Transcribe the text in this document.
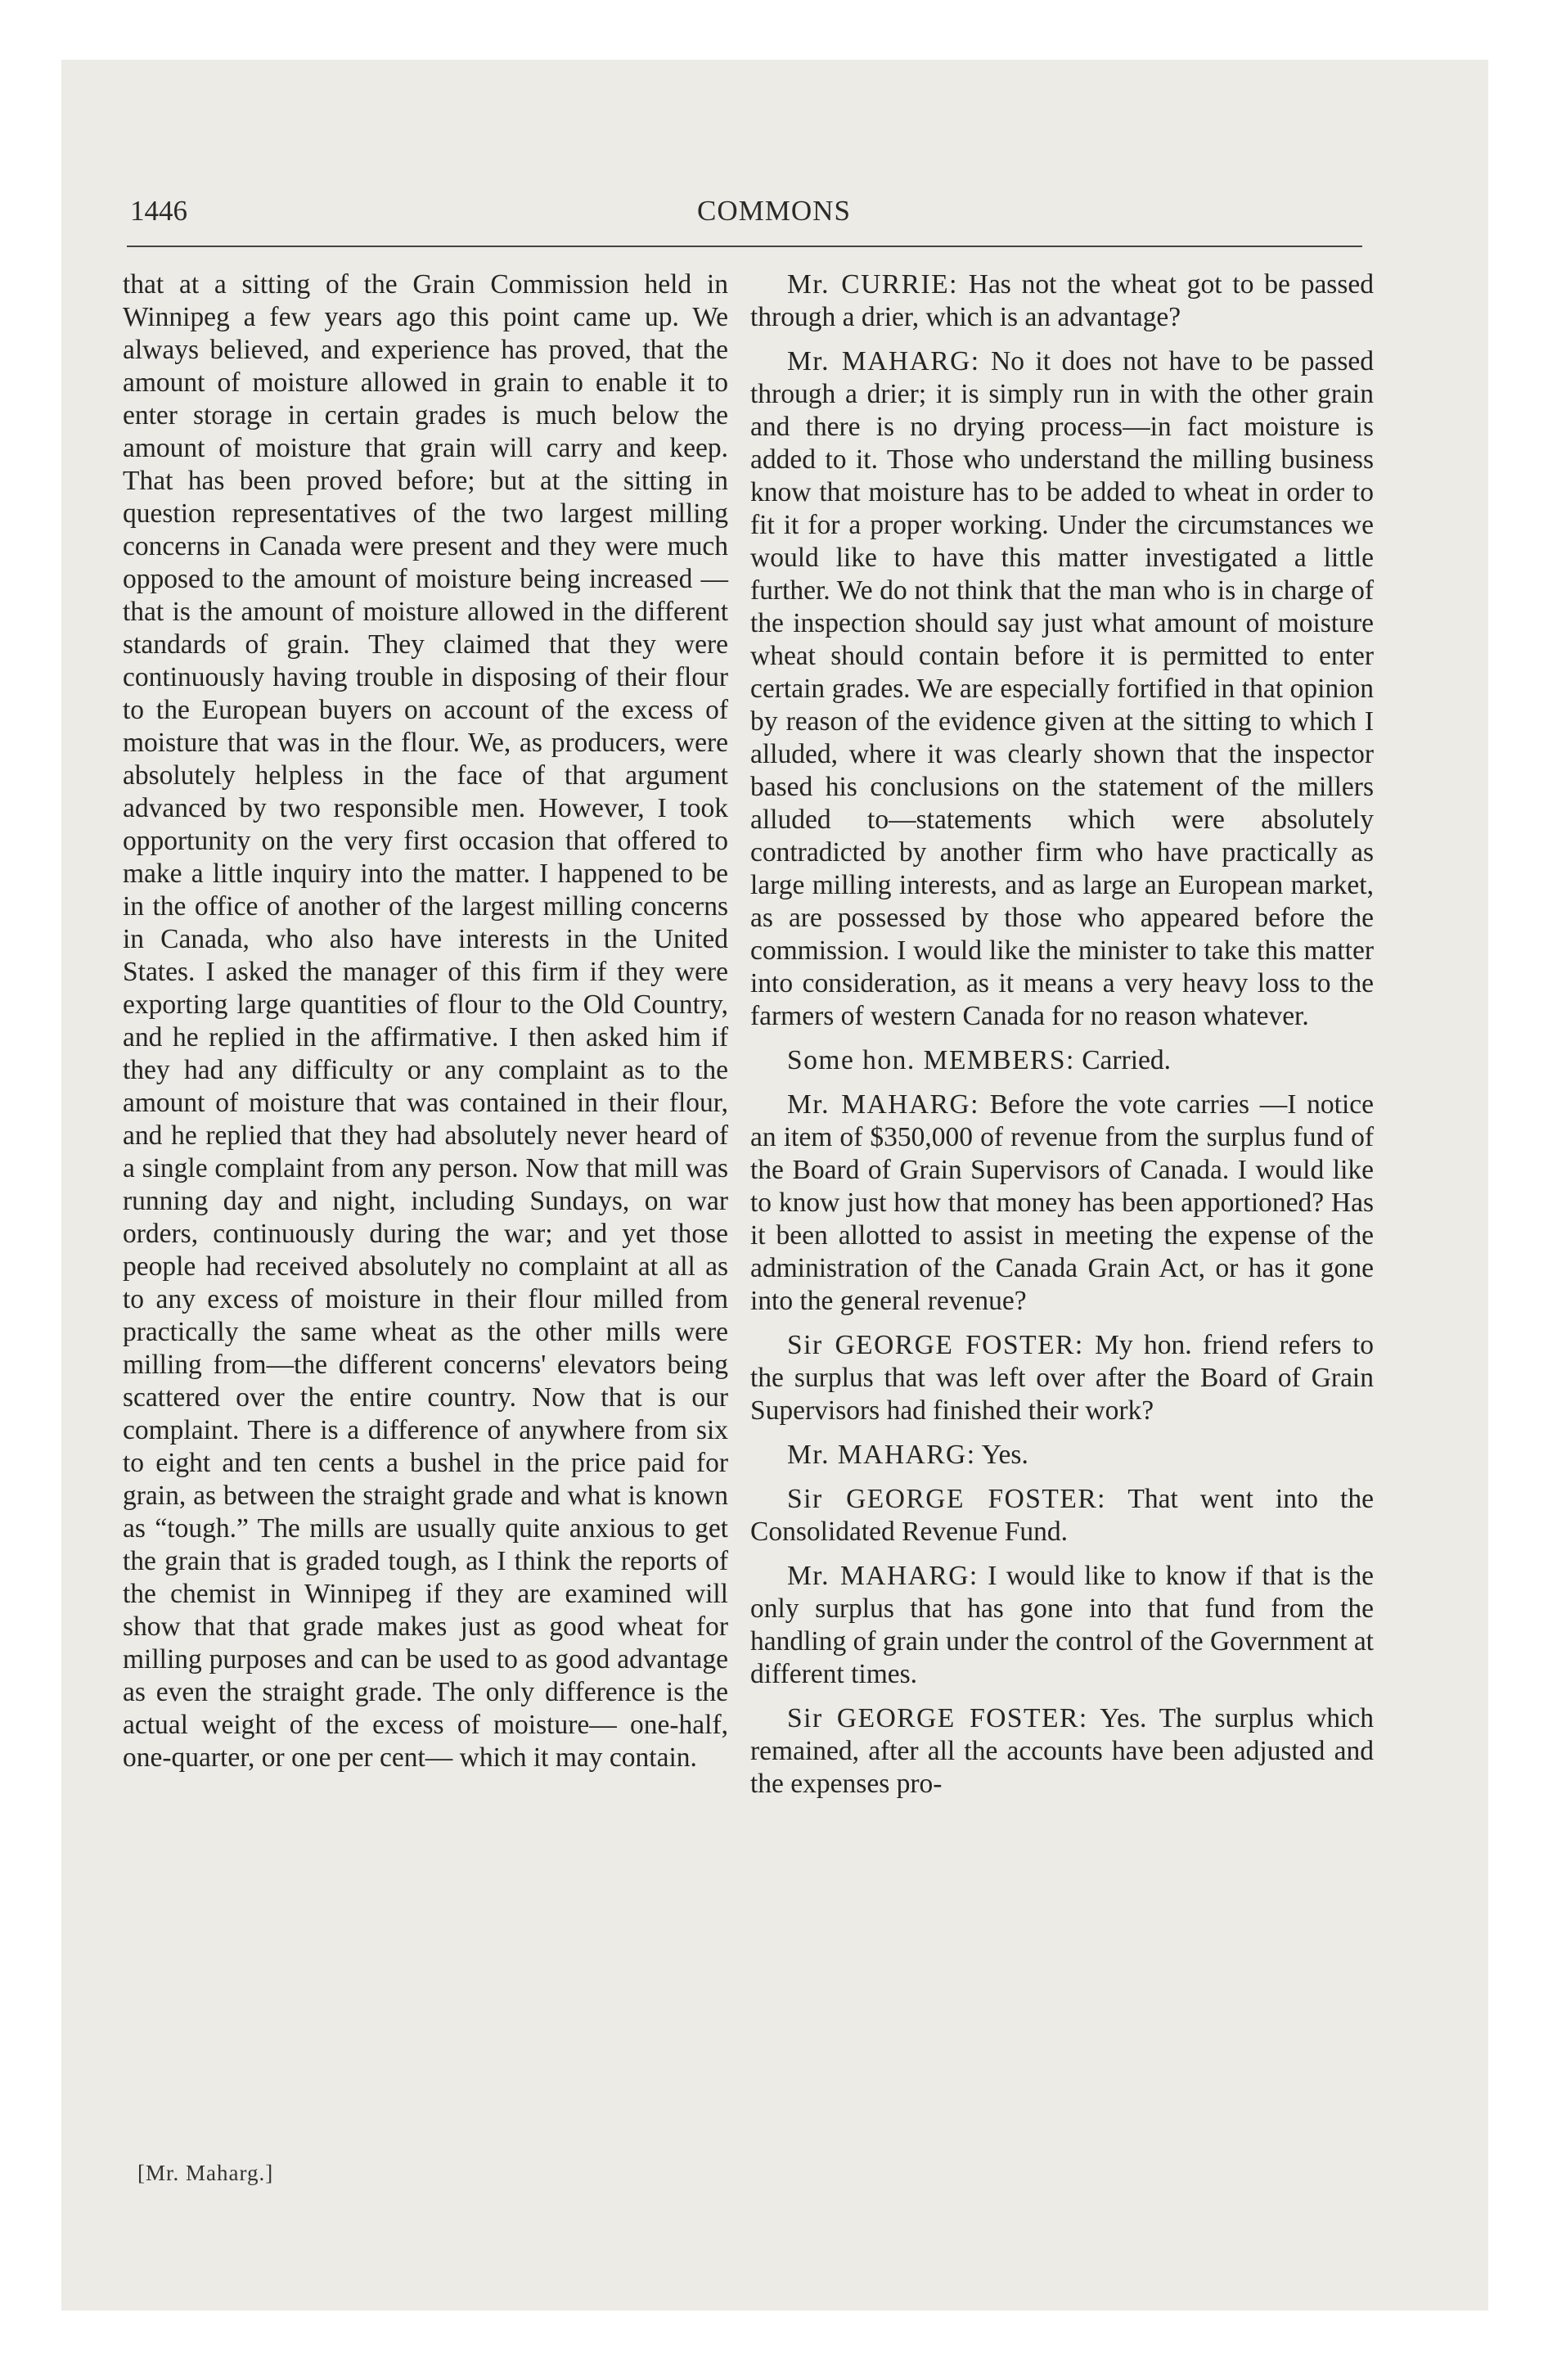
1446	COMMONS

that at a sitting of the Grain Commission held in Winnipeg a few years ago this point came up. We always believed, and experience has proved, that the amount of moisture allowed in grain to enable it to enter storage in certain grades is much below the amount of moisture that grain will carry and keep. That has been proved before; but at the sitting in question representatives of the two largest milling concerns in Canada were present and they were much opposed to the amount of moisture being increased —that is the amount of moisture allowed in the different standards of grain. They claimed that they were continuously having trouble in disposing of their flour to the European buyers on account of the excess of moisture that was in the flour. We, as producers, were absolutely helpless in the face of that argument advanced by two responsible men. However, I took opportunity on the very first occasion that offered to make a little inquiry into the matter. I happened to be in the office of another of the largest milling concerns in Canada, who also have interests in the United States. I asked the manager of this firm if they were exporting large quantities of flour to the Old Country, and he replied in the affirmative. I then asked him if they had any difficulty or any complaint as to the amount of moisture that was contained in their flour, and he replied that they had absolutely never heard of a single complaint from any person. Now that mill was running day and night, including Sundays, on war orders, continuously during the war; and yet those people had received absolutely no complaint at all as to any excess of moisture in their flour milled from practically the same wheat as the other mills were milling from—the different concerns' elevators being scattered over the entire country. Now that is our complaint. There is a difference of anywhere from six to eight and ten cents a bushel in the price paid for grain, as between the straight grade and what is known as “tough.” The mills are usually quite anxious to get the grain that is graded tough, as I think the reports of the chemist in Winnipeg if they are examined will show that that grade makes just as good wheat for milling purposes and can be used to as good advantage as even the straight grade. The only difference is the actual weight of the excess of moisture— one-half, one-quarter, or one per cent— which it may contain.

[Mr. Maharg.]

Mr. CURRIE: Has not the wheat got to be passed through a drier, which is an advantage?

Mr. MAHARG: No it does not have to be passed through a drier; it is simply run in with the other grain and there is no drying process—in fact moisture is added to it. Those who understand the milling business know that moisture has to be added to wheat in order to fit it for a proper working. Under the circumstances we would like to have this matter investigated a little further. We do not think that the man who is in charge of the inspection should say just what amount of moisture wheat should contain before it is permitted to enter certain grades. We are especially fortified in that opinion by reason of the evidence given at the sitting to which I alluded, where it was clearly shown that the inspector based his conclusions on the statement of the millers alluded to—statements which were absolutely contradicted by another firm who have practically as large milling interests, and as large an European market, as are possessed by those who appeared before the commission. I would like the minister to take this matter into consideration, as it means a very heavy loss to the farmers of western Canada for no reason whatever.

Some hon. MEMBERS: Carried.

Mr. MAHARG: Before the vote carries —I notice an item of $350,000 of revenue from the surplus fund of the Board of Grain Supervisors of Canada. I would like to know just how that money has been apportioned? Has it been allotted to assist in meeting the expense of the administration of the Canada Grain Act, or has it gone into the general revenue?

Sir GEORGE FOSTER: My hon. friend refers to the surplus that was left over after the Board of Grain Supervisors had finished their work?

Mr. MAHARG: Yes.

Sir GEORGE FOSTER: That went into the Consolidated Revenue Fund.

Mr. MAHARG: I would like to know if that is the only surplus that has gone into that fund from the handling of grain under the control of the Government at different times.

Sir GEORGE FOSTER: Yes. The surplus which remained, after all the accounts have been adjusted and the expenses pro-
